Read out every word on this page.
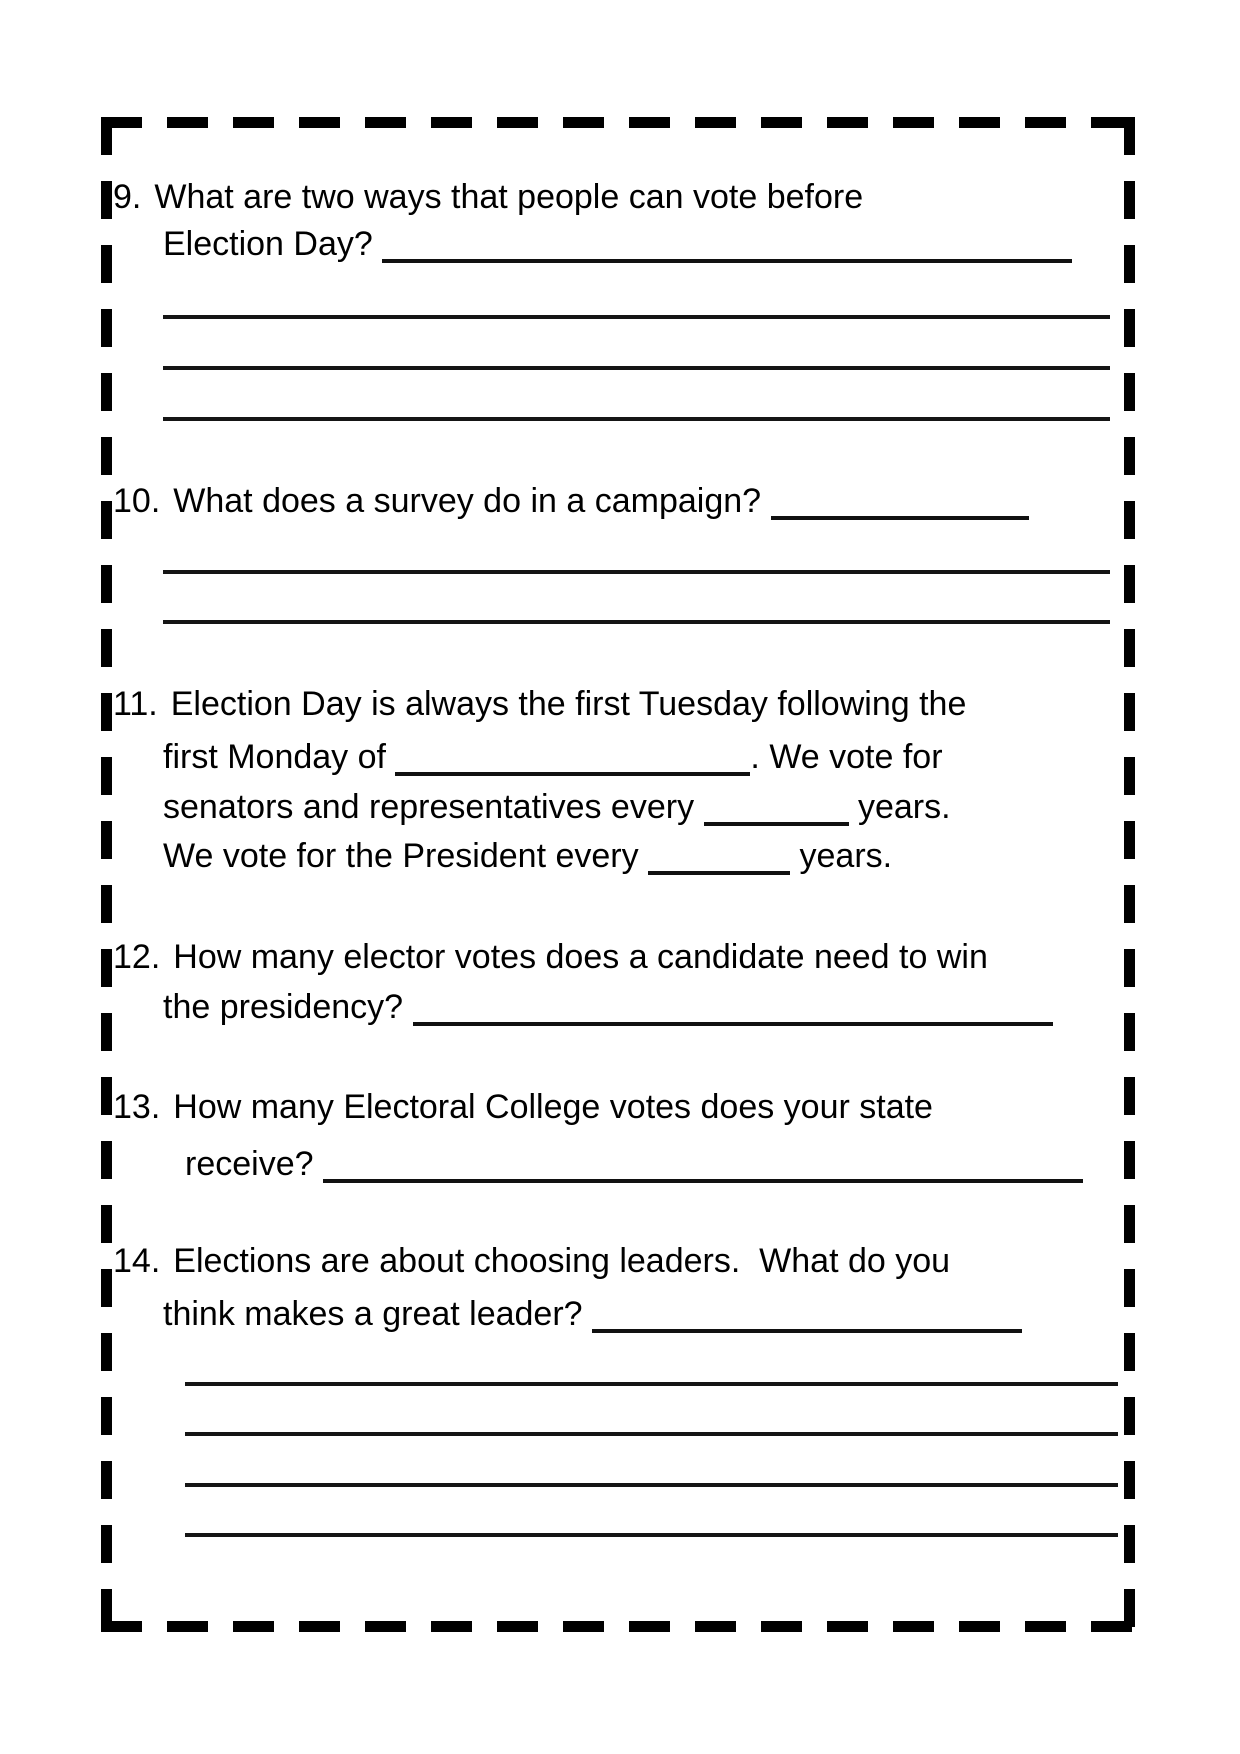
9. What are two ways that people can vote before
Election Day?
10. What does a survey do in a campaign?
11. Election Day is always the first Tuesday following the
first Monday of	. We vote for
senators and representatives every	years.
We vote for the President every	years.
12. How many elector votes does a candidate need to win
the presidency?
13. How many Electoral College votes does your state
receive?
14. Elections are about choosing leaders.  What do you
think makes a great leader?
